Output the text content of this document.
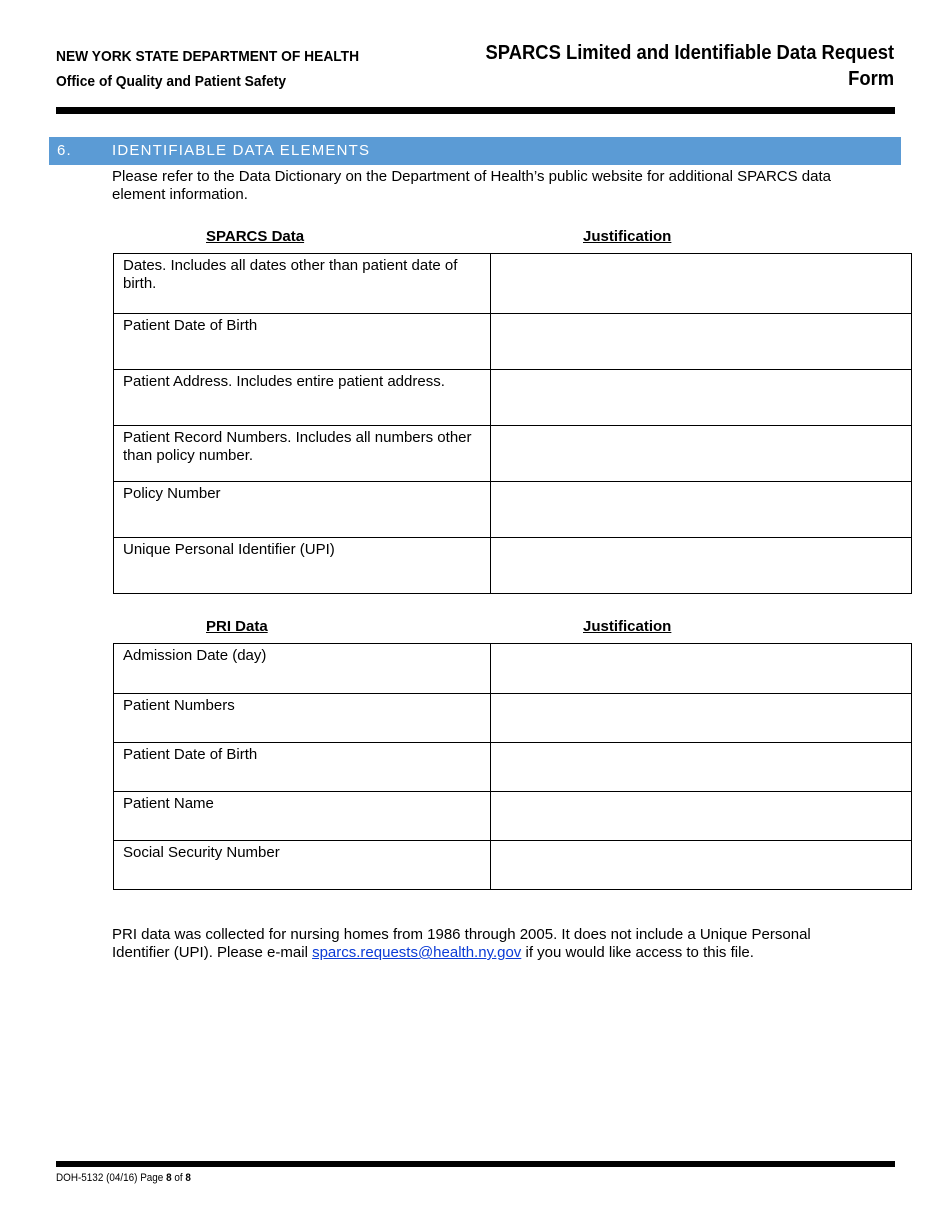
NEW YORK STATE DEPARTMENT OF HEALTH
Office of Quality and Patient Safety
SPARCS Limited and Identifiable Data Request
Form
6.	IDENTIFIABLE DATA ELEMENTS
Please refer to the Data Dictionary on the Department of Health’s public website for additional SPARCS data element information.
SPARCS Data	Justification
Dates. Includes all dates other than patient date of birth.	
Patient Date of Birth	
Patient Address. Includes entire patient address.	
Patient Record Numbers. Includes all numbers other than policy number.	
Policy Number	
Unique Personal Identifier (UPI)	
PRI Data	Justification
Admission Date (day)	
Patient Numbers	
Patient Date of Birth	
Patient Name	
Social Security Number	
PRI data was collected for nursing homes from 1986 through 2005. It does not include a Unique Personal Identifier (UPI). Please e-mail sparcs.requests@health.ny.gov if you would like access to this file.
DOH-5132 (04/16) Page 8 of 8
